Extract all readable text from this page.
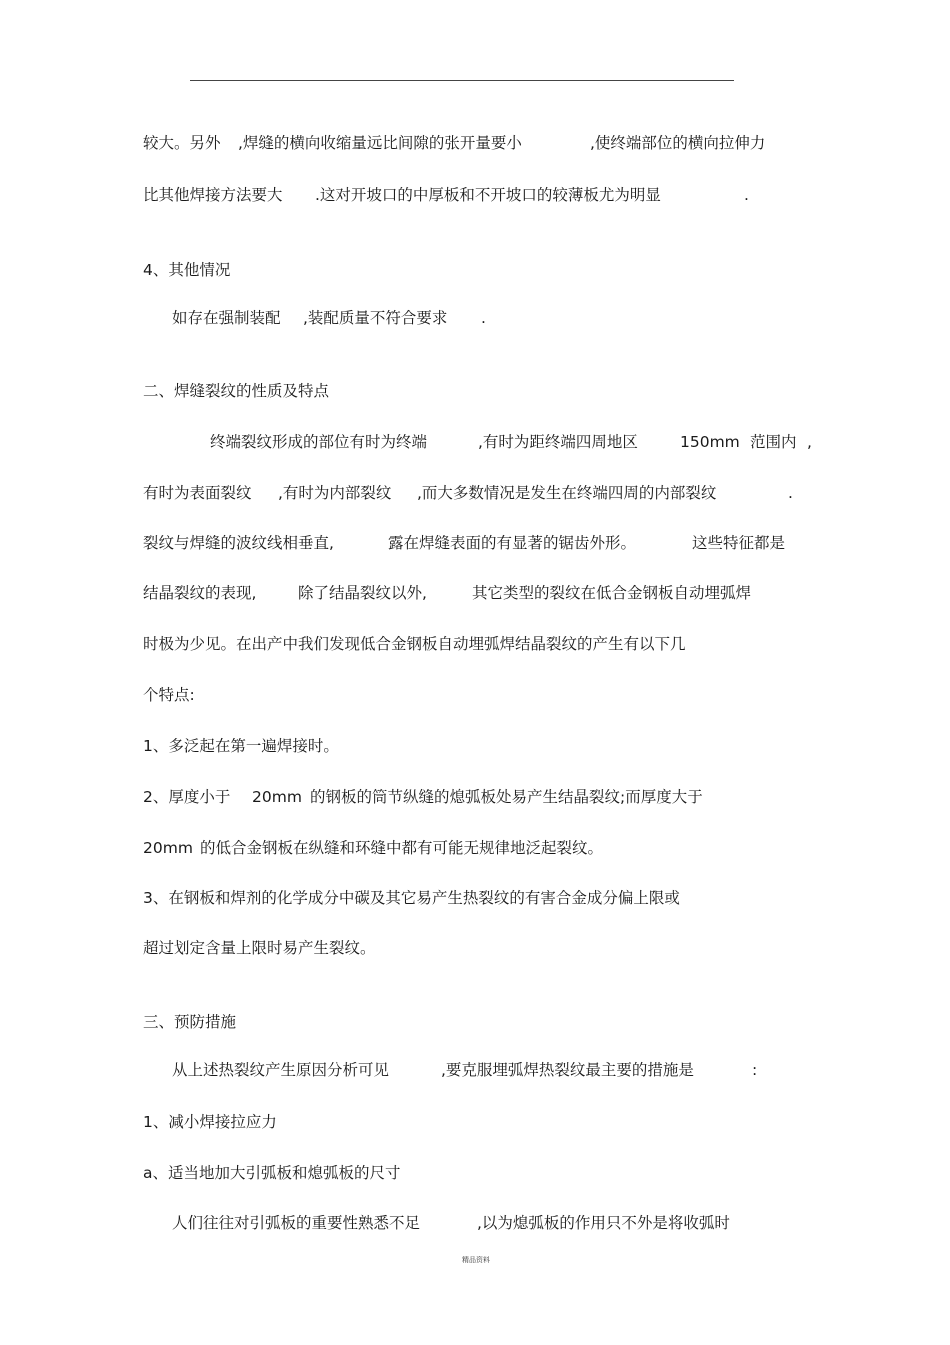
较大。另外 ,焊缝的横向收缩量远比间隙的张开量要小	,使终端部位的横向拉伸力
比其他焊接方法要大 .这对开坡口的中厚板和不开坡口的较薄板尤为明显	.
4、其他情况
如存在强制装配 ,装配质量不符合要求 .
二、焊缝裂纹的性质及特点
终端裂纹形成的部位有时为终端	,有时为距终端四周地区	150mm 范围内 ,
有时为表面裂纹 ,有时为内部裂纹 ,而大多数情况是发生在终端四周的内部裂纹	.
裂纹与焊缝的波纹线相垂直,	露在焊缝表面的有显著的锯齿外形。	这些特征都是
结晶裂纹的表现,	除了结晶裂纹以外,	其它类型的裂纹在低合金钢板自动埋弧焊
时极为少见。在出产中我们发现低合金钢板自动埋弧焊结晶裂纹的产生有以下几
个特点:
1、多泛起在第一遍焊接时。
2、厚度小于 20mm 的钢板的筒节纵缝的熄弧板处易产生结晶裂纹;而厚度大于
20mm 的低合金钢板在纵缝和环缝中都有可能无规律地泛起裂纹。
3、在钢板和焊剂的化学成分中碳及其它易产生热裂纹的有害合金成分偏上限或
超过划定含量上限时易产生裂纹。
三、预防措施
从上述热裂纹产生原因分析可见	,要克服埋弧焊热裂纹最主要的措施是	:
1、减小焊接拉应力
a、适当地加大引弧板和熄弧板的尺寸
人们往往对引弧板的重要性熟悉不足	,以为熄弧板的作用只不外是将收弧时
精品资料
